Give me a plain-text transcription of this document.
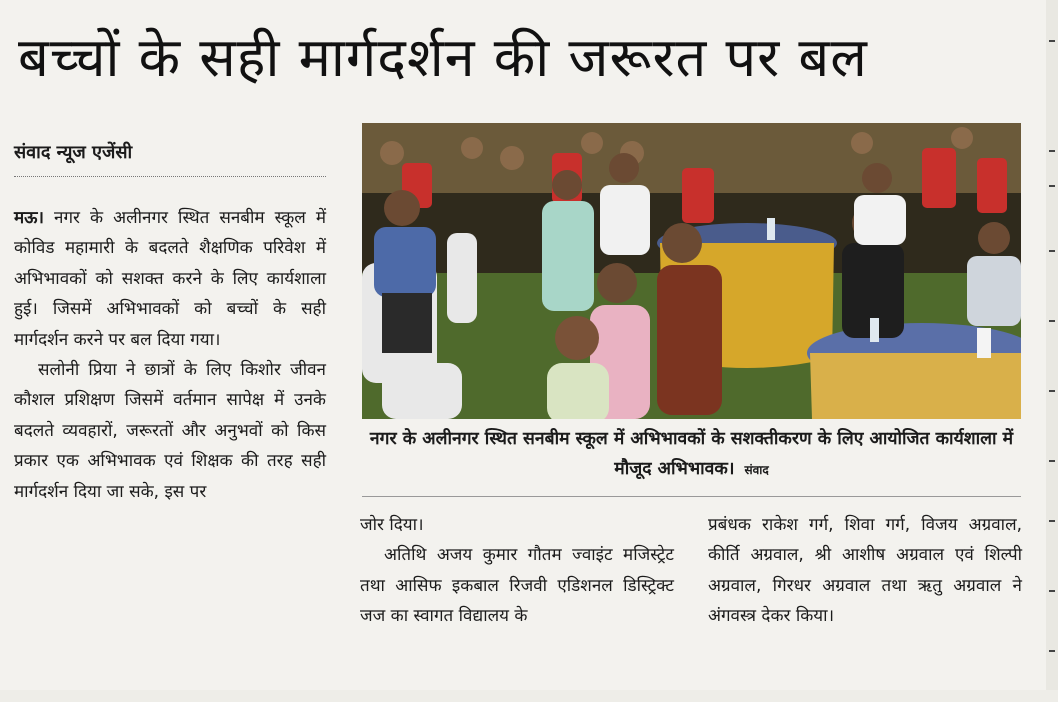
बच्चों के सही मार्गदर्शन की जरूरत पर बल
संवाद न्यूज एजेंसी

मऊ। नगर के अलीनगर स्थित सनबीम स्कूल में कोविड महामारी के बदलते शैक्षणिक परिवेश में अभिभावकों को सशक्त करने के लिए कार्यशाला हुई। जिसमें अभिभावकों को बच्चों के सही मार्गदर्शन करने पर बल दिया गया।

सलोनी प्रिया ने छात्रों के लिए किशोर जीवन कौशल प्रशिक्षण जिसमें वर्तमान सापेक्ष में उनके बदलते व्यवहारों, जरूरतों और अनुभवों को किस प्रकार एक अभिभावक एवं शिक्षक की तरह सही मार्गदर्शन दिया जा सके, इस पर

नगर के अलीनगर स्थित सनबीम स्कूल में अभिभावकों के सशक्तीकरण के लिए आयोजित कार्यशाला में मौजूद अभिभावक। संवाद

जोर दिया।

अतिथि अजय कुमार गौतम ज्वाइंट मजिस्ट्रेट तथा आसिफ इकबाल रिजवी एडिशनल डिस्ट्रिक्ट जज का स्वागत विद्यालय के

प्रबंधक राकेश गर्ग, शिवा गर्ग, विजय अग्रवाल, कीर्ति अग्रवाल, श्री आशीष अग्रवाल एवं शिल्पी अग्रवाल, गिरधर अग्रवाल तथा ऋतु अग्रवाल ने अंगवस्त्र देकर किया।
